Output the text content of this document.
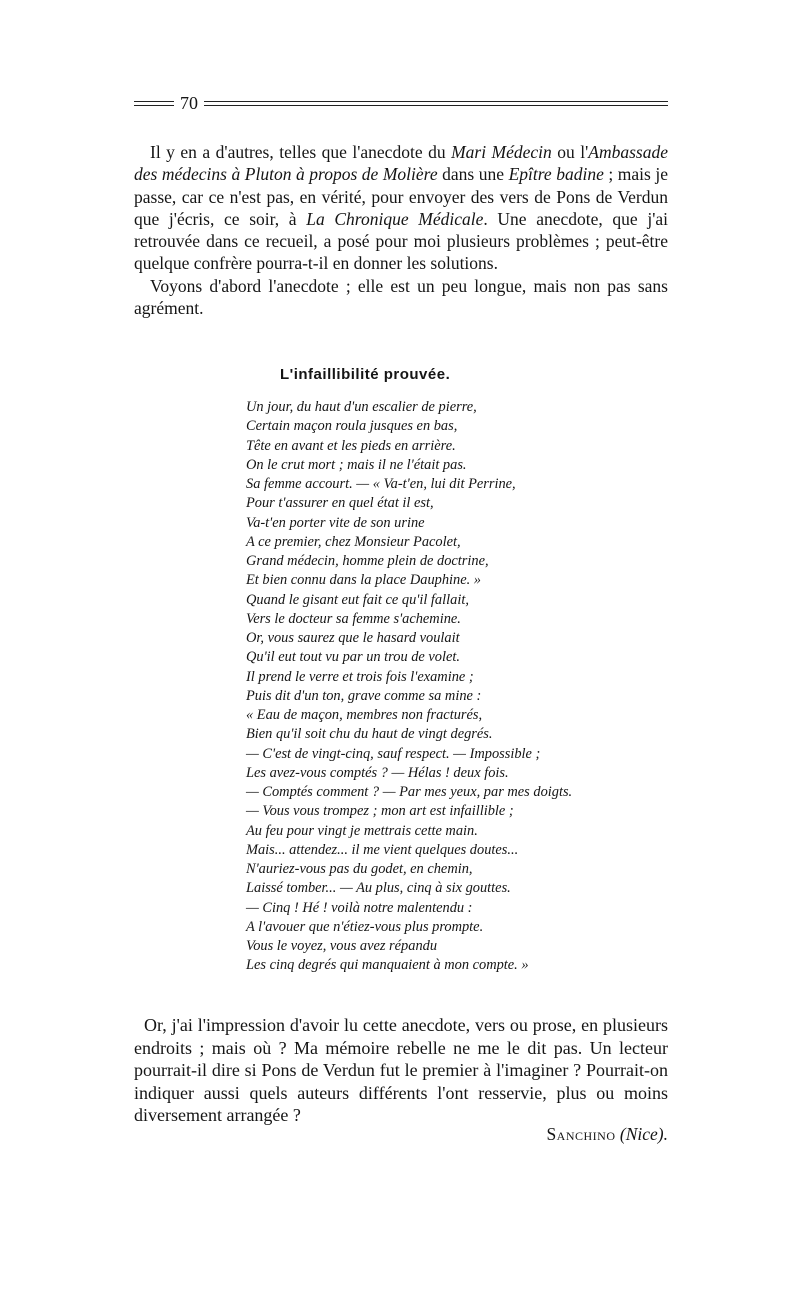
70

Il y en a d'autres, telles que l'anecdote du Mari Médecin ou l'Ambassade des médecins à Pluton à propos de Molière dans une Epître badine ; mais je passe, car ce n'est pas, en vérité, pour envoyer des vers de Pons de Verdun que j'écris, ce soir, à La Chronique Médicale. Une anecdote, que j'ai retrouvée dans ce recueil, a posé pour moi plusieurs problèmes ; peut-être quelque confrère pourra-t-il en donner les solutions.
Voyons d'abord l'anecdote ; elle est un peu longue, mais non pas sans agrément.

L'infaillibilité prouvée.
Un jour, du haut d'un escalier de pierre,
Certain maçon roula jusques en bas,
Tête en avant et les pieds en arrière.
On le crut mort ; mais il ne l'était pas.
Sa femme accourt. — « Va-t'en, lui dit Perrine,
Pour t'assurer en quel état il est,
Va-t'en porter vite de son urine
A ce premier, chez Monsieur Pacolet,
Grand médecin, homme plein de doctrine,
Et bien connu dans la place Dauphine. »
Quand le gisant eut fait ce qu'il fallait,
Vers le docteur sa femme s'achemine.
Or, vous saurez que le hasard voulait
Qu'il eut tout vu par un trou de volet.
Il prend le verre et trois fois l'examine ;
Puis dit d'un ton, grave comme sa mine :
« Eau de maçon, membres non fracturés,
Bien qu'il soit chu du haut de vingt degrés.
— C'est de vingt-cinq, sauf respect. — Impossible ;
Les avez-vous comptés ? — Hélas ! deux fois.
— Comptés comment ? — Par mes yeux, par mes doigts.
— Vous vous trompez ; mon art est infaillible ;
Au feu pour vingt je mettrais cette main.
Mais... attendez... il me vient quelques doutes...
N'auriez-vous pas du godet, en chemin,
Laissé tomber... — Au plus, cinq à six gouttes.
— Cinq ! Hé ! voilà notre malentendu :
A l'avouer que n'étiez-vous plus prompte.
Vous le voyez, vous avez répandu
Les cinq degrés qui manquaient à mon compte. »

Or, j'ai l'impression d'avoir lu cette anecdote, vers ou prose, en plusieurs endroits ; mais où ? Ma mémoire rebelle ne me le dit pas. Un lecteur pourrait-il dire si Pons de Verdun fut le premier à l'imaginer ? Pourrait-on indiquer aussi quels auteurs différents l'ont resservie, plus ou moins diversement arrangée ?

Sanchino (Nice).
